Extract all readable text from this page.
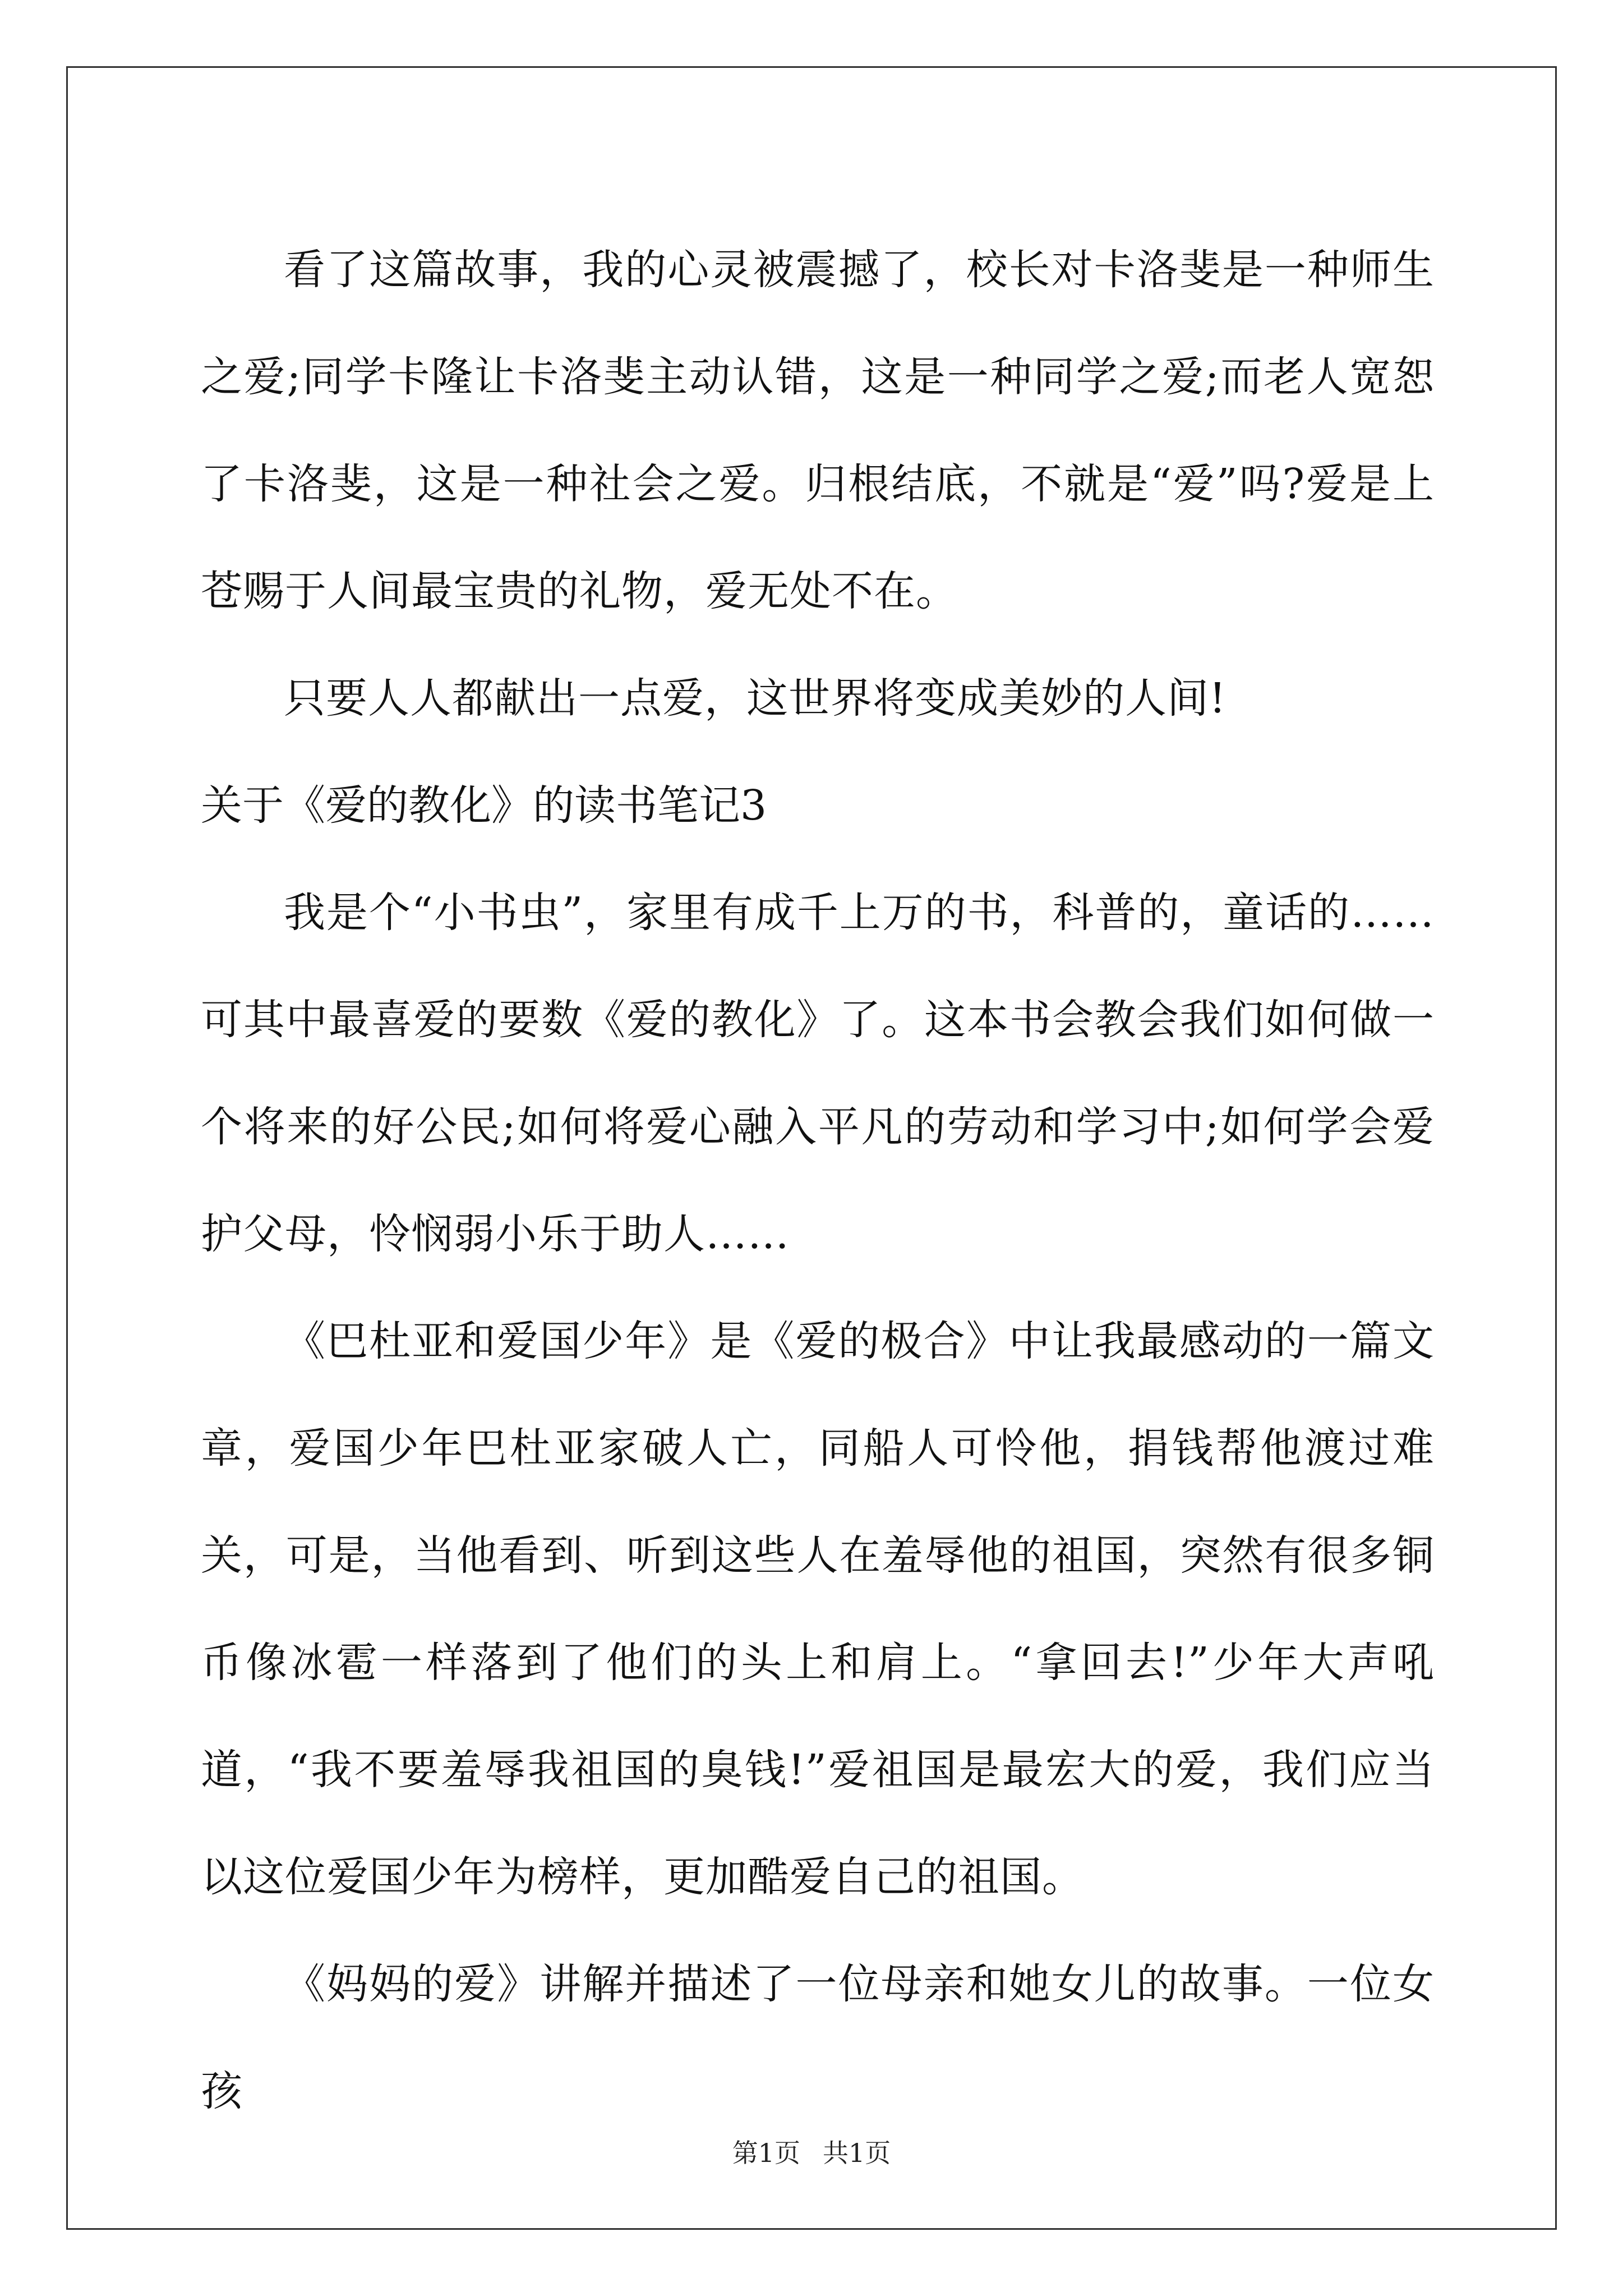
看了这篇故事，我的心灵被震撼了，校长对卡洛斐是一种师生之爱;同学卡隆让卡洛斐主动认错，这是一种同学之爱;而老人宽恕了卡洛斐，这是一种社会之爱。归根结底，不就是“爱”吗?爱是上苍赐于人间最宝贵的礼物，爱无处不在。

只要人人都献出一点爱，这世界将变成美妙的人间!

关于《爱的教化》的读书笔记3

我是个“小书虫”，家里有成千上万的书，科普的，童话的……可其中最喜爱的要数《爱的教化》了。这本书会教会我们如何做一个将来的好公民;如何将爱心融入平凡的劳动和学习中;如何学会爱护父母，怜悯弱小乐于助人……

《巴杜亚和爱国少年》是《爱的极合》中让我最感动的一篇文章，爱国少年巴杜亚家破人亡，同船人可怜他，捐钱帮他渡过难关，可是，当他看到、听到这些人在羞辱他的祖国，突然有很多铜币像冰雹一样落到了他们的头上和肩上。“拿回去!”少年大声吼道，“我不要羞辱我祖国的臭钱!”爱祖国是最宏大的爱，我们应当以这位爱国少年为榜样，更加酷爱自己的祖国。

《妈妈的爱》讲解并描述了一位母亲和她女儿的故事。一位女孩

第1页 共1页
